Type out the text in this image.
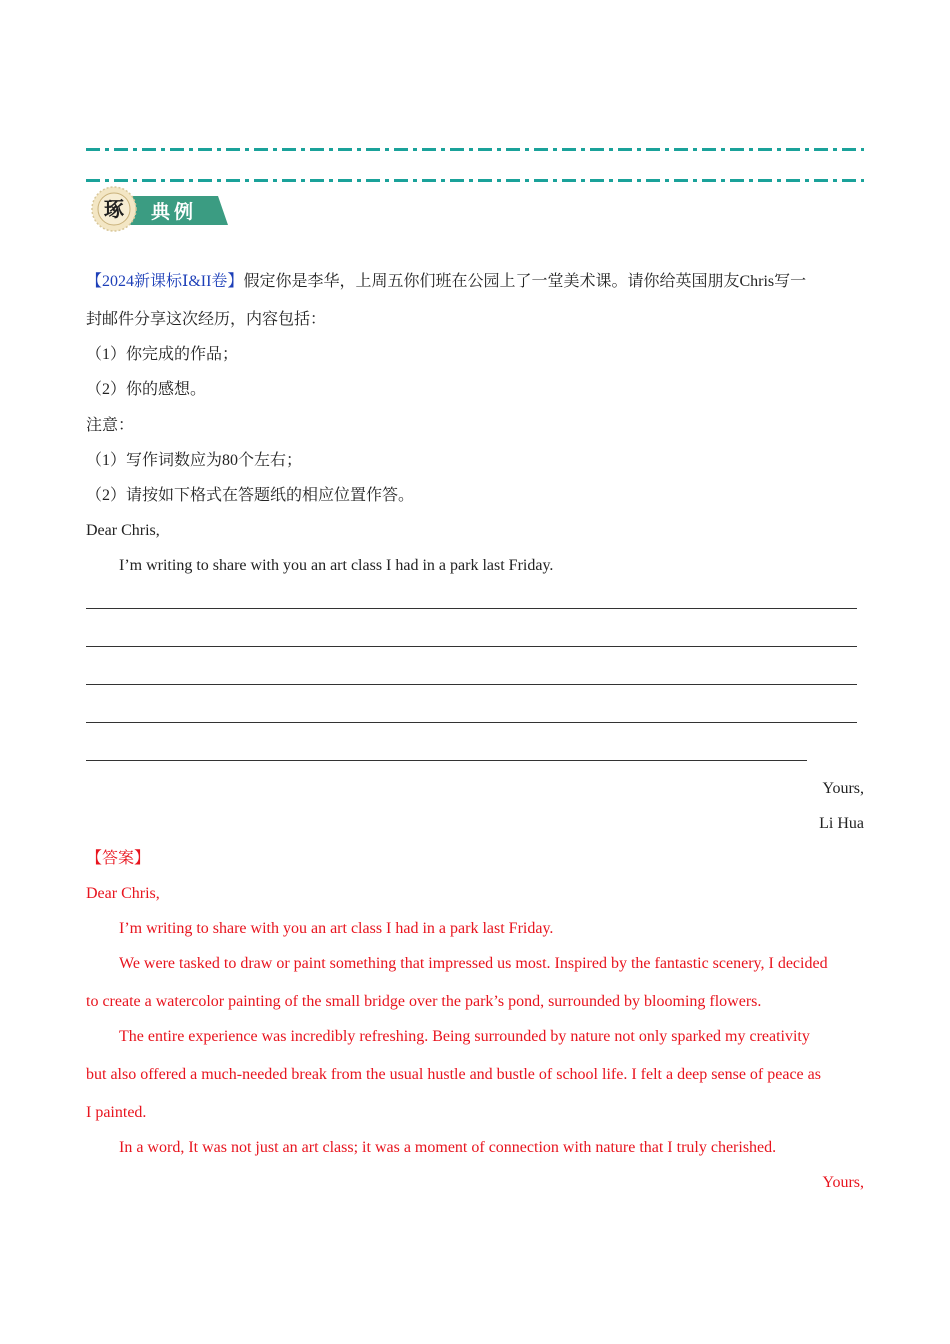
琢 典例
【2024新课标Ⅰ&II卷】假定你是李华，上周五你们班在公园上了一堂美术课。请你给英国朋友Chris写一
封邮件分享这次经历，内容包括：
（1）你完成的作品；
（2）你的感想。
注意：
（1）写作词数应为80个左右；
（2）请按如下格式在答题纸的相应位置作答。
Dear Chris,
I’m writing to share with you an art class I had in a park last Friday.
Yours,
Li Hua
【答案】
Dear Chris,
I’m writing to share with you an art class I had in a park last Friday.
We were tasked to draw or paint something that impressed us most. Inspired by the fantastic scenery, I decided
to create a watercolor painting of the small bridge over the park’s pond, surrounded by blooming flowers.
The entire experience was incredibly refreshing. Being surrounded by nature not only sparked my creativity
but also offered a much-needed break from the usual hustle and bustle of school life. I felt a deep sense of peace as
I painted.
In a word, It was not just an art class; it was a moment of connection with nature that I truly cherished.
Yours,
